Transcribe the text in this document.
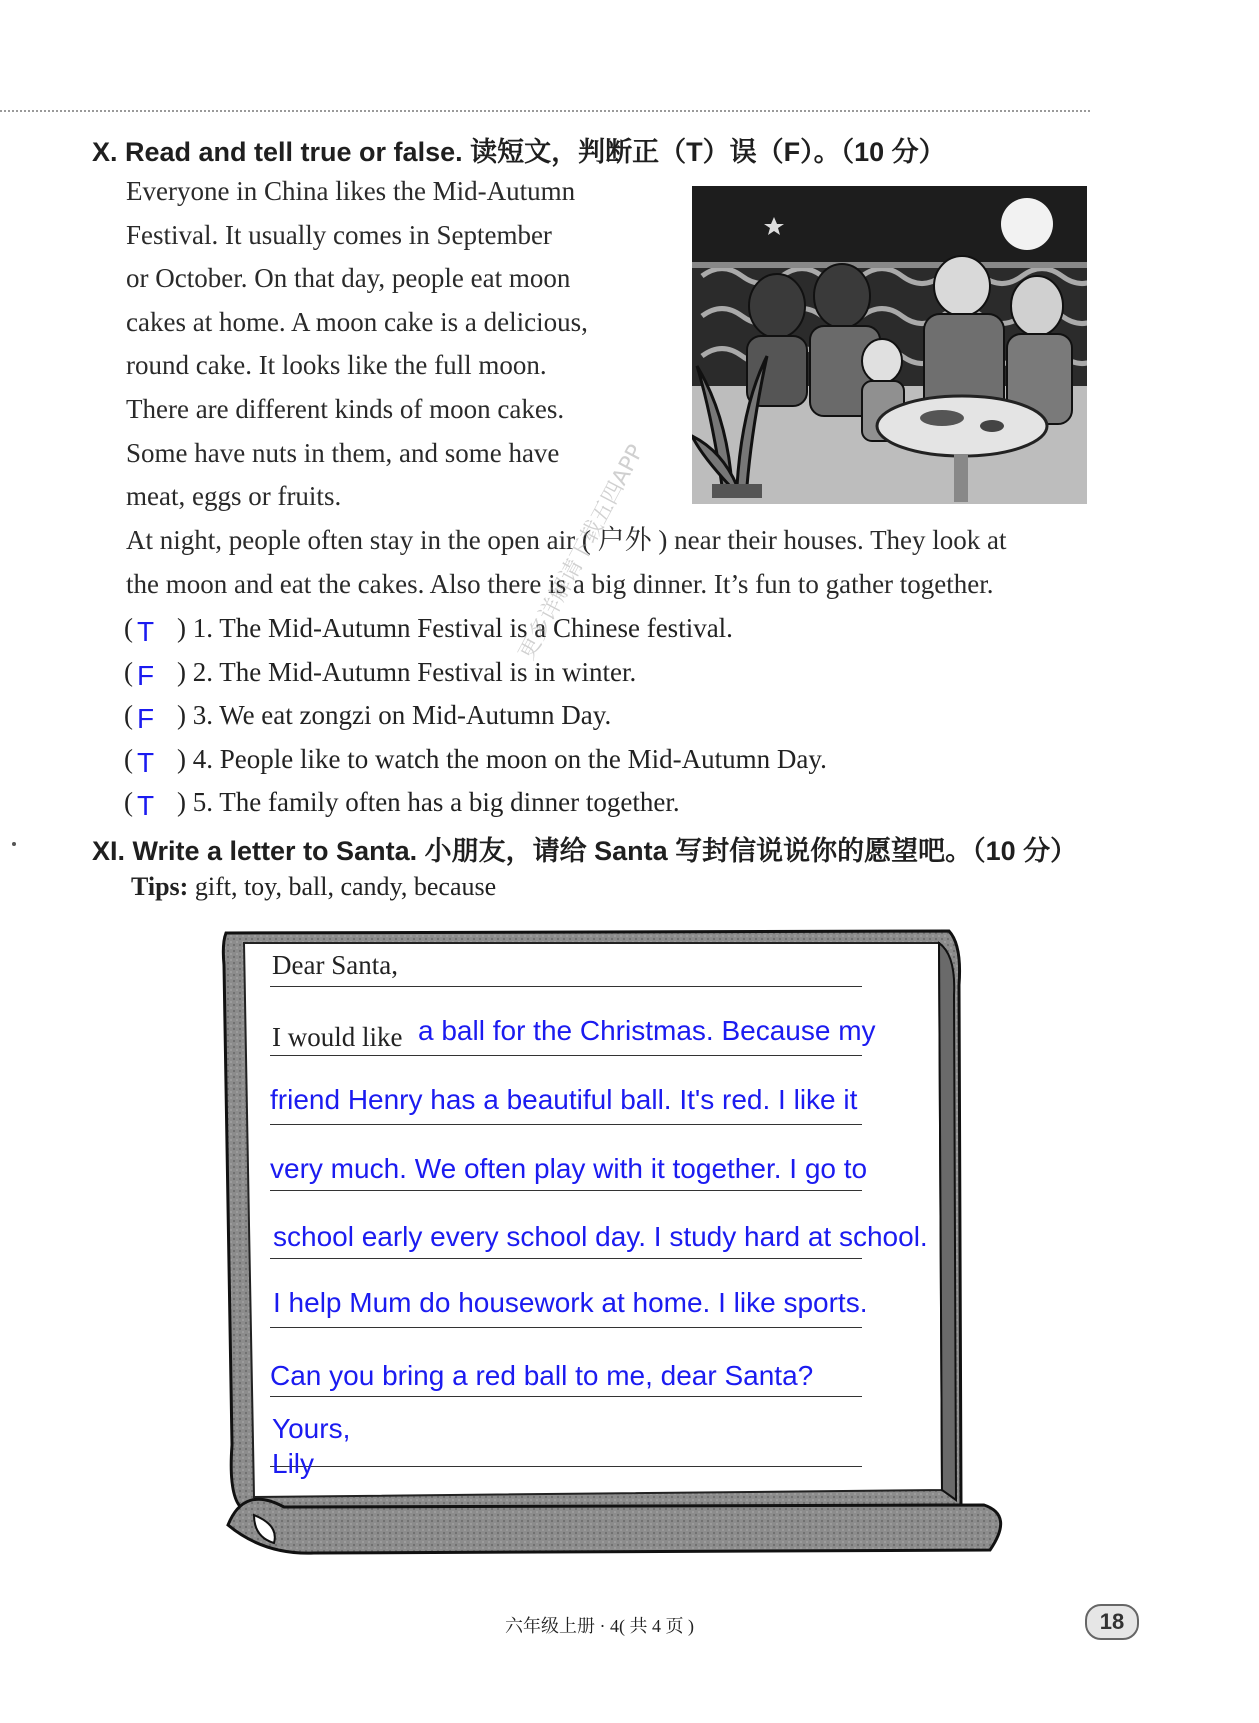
X. Read and tell true or false. 读短文，判断正（T）误（F）。（10 分）
Everyone in China likes the Mid-Autumn
Festival. It usually comes in September
or October. On that day, people eat moon
cakes at home. A moon cake is a delicious,
round cake. It looks like the full moon.
There are different kinds of moon cakes.
Some have nuts in them, and some have
meat, eggs or fruits.
At night, people often stay in the open air ( 户外 ) near their houses. They look at
the moon and eat the cakes. Also there is a big dinner. It’s fun to gather together.
( T ) 1. The Mid-Autumn Festival is a Chinese festival.
( F ) 2. The Mid-Autumn Festival is in winter.
( F ) 3. We eat zongzi on Mid-Autumn Day.
( T ) 4. People like to watch the moon on the Mid-Autumn Day.
( T ) 5. The family often has a big dinner together.
更多详解请下载五四APP
XI. Write a letter to Santa. 小朋友，请给 Santa 写封信说说你的愿望吧。（10 分）
Tips: gift, toy, ball, candy, because
Dear Santa,
I would like a ball for the Christmas. Because my
friend Henry has a beautiful ball. It's red. I like it
very much. We often play with it together. I go to
school early every school day. I study hard at school.
I help Mum do housework at home. I like sports.
Can you bring a red ball to me, dear Santa?
Yours,
Lily
六年级上册 · 4( 共 4 页 )	18
